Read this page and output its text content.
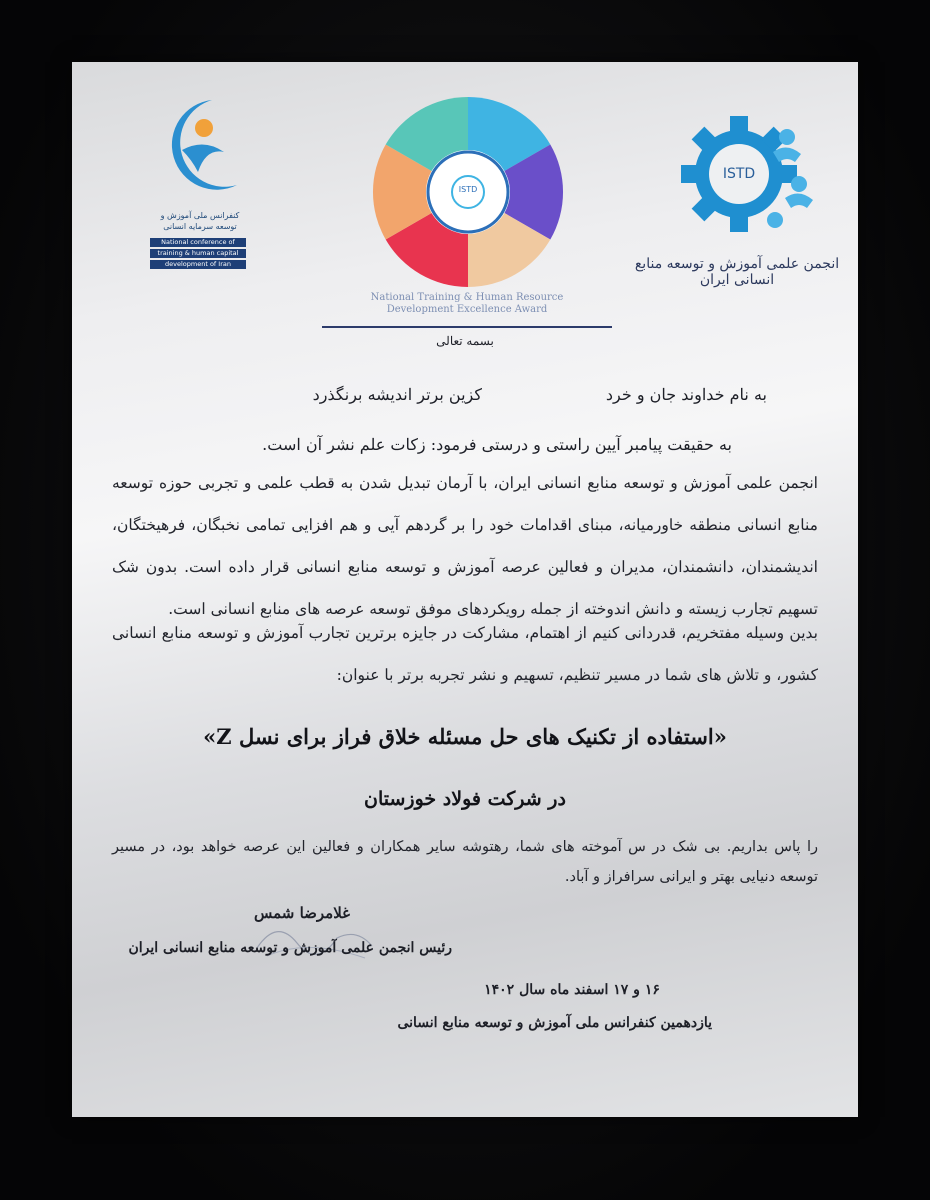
کنفرانس ملی آموزش و توسعه سرمایه انسانی
National conference of
training & human capital
development of Iran
ISTD
National Training & Human Resource
Development Excellence Award
ISTD
انجمن علمی آموزش و توسعه منابع انسانی ایران
بسمه تعالی
به نام خداوند جان و خرد
کزین برتر اندیشه برنگذرد
به حقیقت پیامبر آیین راستی و درستی فرمود: زکات علم نشر آن است.
انجمن علمی آموزش و توسعه منابع انسانی ایران، با آرمان تبدیل شدن به قطب علمی و تجربی حوزه توسعه منابع انسانی منطقه خاورمیانه، مبنای اقدامات خود را بر گردهم آیی و هم افزایی تمامی نخبگان، فرهیختگان، اندیشمندان، دانشمندان، مدیران و فعالین عرصه آموزش و توسعه منابع انسانی قرار داده است. بدون شک تسهیم تجارب زیسته و دانش اندوخته از جمله رویکردهای موفق توسعه عرصه های منابع انسانی است.
بدین وسیله مفتخریم، قدردانی کنیم از اهتمام، مشارکت در جایزه برترین تجارب آموزش و توسعه منابع انسانی کشور، و تلاش های شما در مسیر تنظیم، تسهیم و نشر تجربه برتر با عنوان:
«استفاده از تکنیک های حل مسئله خلاق فراز برای نسل Z»
در شرکت فولاد خوزستان
را پاس بداریم. بی شک در س آموخته های شما، رهتوشه سایر همکاران و فعالین این عرصه خواهد بود، در مسیر توسعه دنیایی بهتر و ایرانی سرافراز و آباد.
غلامرضا شمس
رئیس انجمن علمی آموزش و توسعه منابع انسانی ایران
۱۶ و ۱۷ اسفند ماه سال ۱۴۰۲
یازدهمین کنفرانس ملی آموزش و توسعه منابع انسانی
